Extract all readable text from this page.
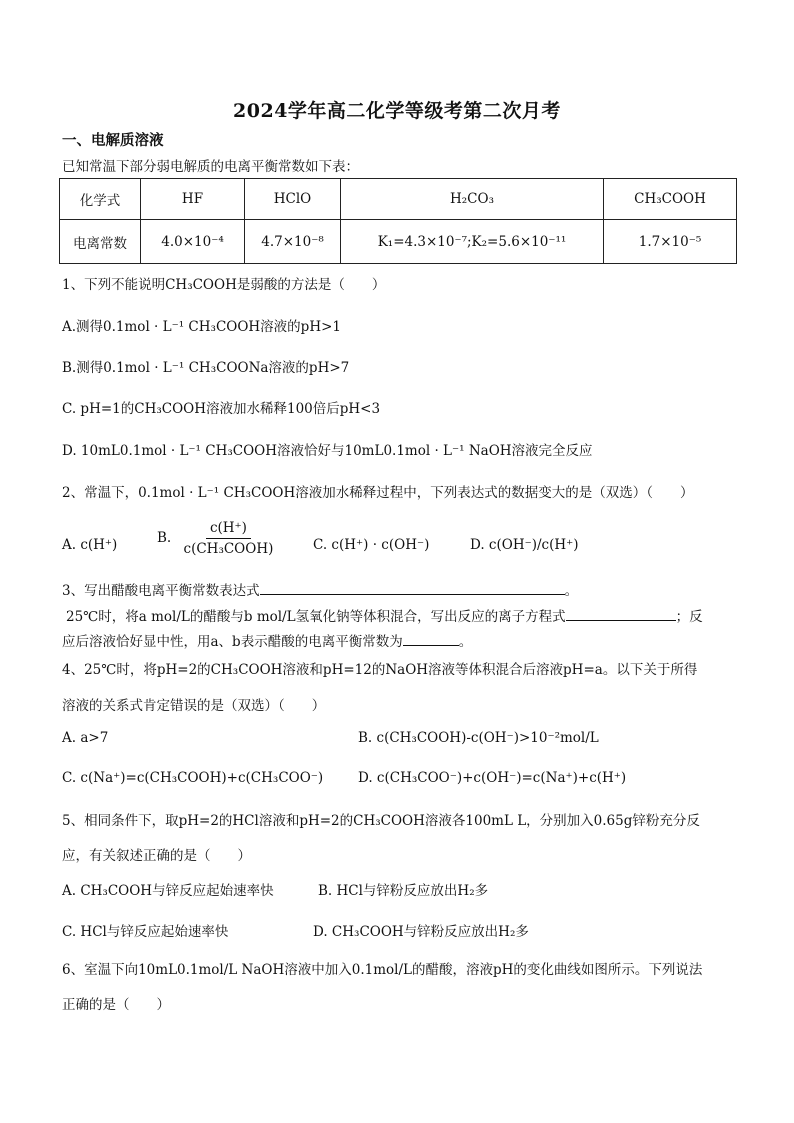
2024学年高二化学等级考第二次月考
一、电解质溶液
已知常温下部分弱电解质的电离平衡常数如下表：
化学式	HF	HClO	H₂CO₃	CH₃COOH
电离常数	4.0×10⁻⁴	4.7×10⁻⁸	K₁=4.3×10⁻⁷;K₂=5.6×10⁻¹¹	1.7×10⁻⁵
1、下列不能说明CH₃COOH是弱酸的方法是（　　）
A.测得0.1mol · L⁻¹ CH₃COOH溶液的pH>1
B.测得0.1mol · L⁻¹ CH₃COONa溶液的pH>7
C. pH=1的CH₃COOH溶液加水稀释100倍后pH<3
D. 10mL0.1mol · L⁻¹ CH₃COOH溶液恰好与10mL0.1mol · L⁻¹ NaOH溶液完全反应
2、常温下，0.1mol · L⁻¹ CH₃COOH溶液加水稀释过程中，下列表达式的数据变大的是（双选）（　　）
A. c(H⁺)	B. $\frac{c(H^+)}{\text{c(CH₃COOH)}}$	C. c(H⁺) · c(OH⁻)	D. c(OH⁻)/c(H⁺)
3、写出醋酸电离平衡常数表达式	。
25℃时，将a mol/L的醋酸与b mol/L氢氧化钠等体积混合，写出反应的离子方程式	；反
应后溶液恰好显中性，用a、b表示醋酸的电离平衡常数为	。
4、25℃时，将pH=2的CH₃COOH溶液和pH=12的NaOH溶液等体积混合后溶液pH=a。以下关于所得
溶液的关系式肯定错误的是（双选）（　　）
A. a>7	B. c(CH₃COOH)-c(OH⁻)>10⁻²mol/L
C. c(Na⁺)=c(CH₃COOH)+c(CH₃COO⁻)	D. c(CH₃COO⁻)+c(OH⁻)=c(Na⁺)+c(H⁺)
5、相同条件下，取pH=2的HCl溶液和pH=2的CH₃COOH溶液各100mL L，分别加入0.65g锌粉充分反
应，有关叙述正确的是（　　）
A. CH₃COOH与锌反应起始速率快	B. HCl与锌粉反应放出H₂多
C. HCl与锌反应起始速率快	D. CH₃COOH与锌粉反应放出H₂多
6、室温下向10mL0.1mol/L NaOH溶液中加入0.1mol/L的醋酸，溶液pH的变化曲线如图所示。下列说法
正确的是（　　）
